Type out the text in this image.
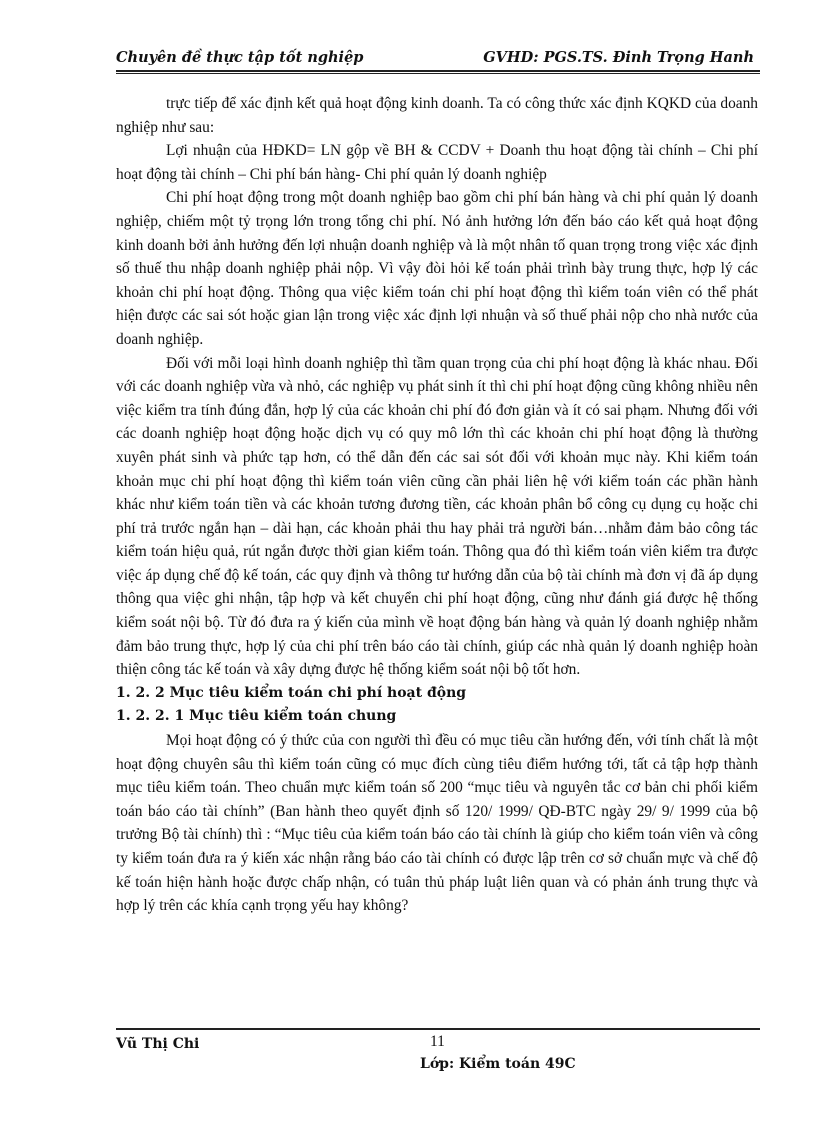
Chuyên đề thực tập tốt nghiệp	GVHD: PGS.TS. Đinh Trọng Hanh

trực tiếp để xác định kết quả hoạt động kinh doanh. Ta có công thức xác định KQKD của doanh nghiệp như sau:

Lợi nhuận của HĐKD= LN gộp về BH & CCDV + Doanh thu hoạt động tài chính – Chi phí hoạt động tài chính – Chi phí bán hàng- Chi phí quản lý doanh nghiệp

Chi phí hoạt động trong một doanh nghiệp bao gồm chi phí bán hàng và chi phí quản lý doanh nghiệp, chiếm một tỷ trọng lớn trong tổng chi phí. Nó ảnh hưởng lớn đến báo cáo kết quả hoạt động kinh doanh bởi ảnh hưởng đến lợi nhuận doanh nghiệp và là một nhân tố quan trọng trong việc xác định số thuế thu nhập doanh nghiệp phải nộp. Vì vậy đòi hỏi kế toán phải trình bày trung thực, hợp lý các khoản chi phí hoạt động. Thông qua việc kiểm toán chi phí hoạt động thì kiểm toán viên có thể phát hiện được các sai sót hoặc gian lận trong việc xác định lợi nhuận và số thuế phải nộp cho nhà nước của doanh nghiệp.

Đối với mỗi loại hình doanh nghiệp thì tầm quan trọng của chi phí hoạt động là khác nhau. Đối với các doanh nghiệp vừa và nhỏ, các nghiệp vụ phát sinh ít thì chi phí hoạt động cũng không nhiều nên việc kiểm tra tính đúng đắn, hợp lý của các khoản chi phí đó đơn giản và ít có sai phạm. Nhưng đối với các doanh nghiệp hoạt động hoặc dịch vụ có quy mô lớn thì các khoản chi phí hoạt động là thường xuyên phát sinh và phức tạp hơn, có thể dẫn đến các sai sót đối với khoản mục này. Khi kiểm toán khoản mục chi phí hoạt động thì kiểm toán viên cũng cần phải liên hệ với kiểm toán các phần hành khác như kiểm toán tiền và các khoản tương đương tiền, các khoản phân bổ công cụ dụng cụ hoặc chi phí trả trước ngắn hạn – dài hạn, các khoản phải thu hay phải trả người bán…nhằm đảm bảo công tác kiểm toán hiệu quả, rút ngắn được thời gian kiểm toán. Thông qua đó thì kiểm toán viên kiểm tra được việc áp dụng chế độ kế toán, các quy định và thông tư hướng dẫn của bộ tài chính mà đơn vị đã áp dụng thông qua việc ghi nhận, tập hợp và kết chuyển chi phí hoạt động, cũng như đánh giá được hệ thống kiểm soát nội bộ. Từ đó đưa ra ý kiến của mình về hoạt động bán hàng và quản lý doanh nghiệp nhằm đảm bảo trung thực, hợp lý của chi phí trên báo cáo tài chính, giúp các nhà quản lý doanh nghiệp hoàn thiện công tác kế toán và xây dựng được hệ thống kiểm soát nội bộ tốt hơn.

1. 2. 2 Mục tiêu kiểm toán chi phí hoạt động

1. 2. 2. 1 Mục tiêu kiểm toán chung

Mọi hoạt động có ý thức của con người thì đều có mục tiêu cần hướng đến, với tính chất là một hoạt động chuyên sâu thì kiểm toán cũng có mục đích cùng tiêu điểm hướng tới, tất cả tập hợp thành mục tiêu kiểm toán. Theo chuẩn mực kiểm toán số 200 “mục tiêu và nguyên tắc cơ bản chi phối kiểm toán báo cáo tài chính” (Ban hành theo quyết định số 120/ 1999/ QĐ-BTC ngày 29/ 9/ 1999 của bộ trưởng Bộ tài chính) thì : “Mục tiêu của kiểm toán báo cáo tài chính là giúp cho kiểm toán viên và công ty kiểm toán đưa ra ý kiến xác nhận rằng báo cáo tài chính có được lập trên cơ sở chuẩn mực và chế độ kế toán hiện hành hoặc được chấp nhận, có tuân thủ pháp luật liên quan và có phản ánh trung thực và hợp lý trên các khía cạnh trọng yếu hay không?

Vũ Thị Chi	11
Lớp: Kiểm toán 49C
